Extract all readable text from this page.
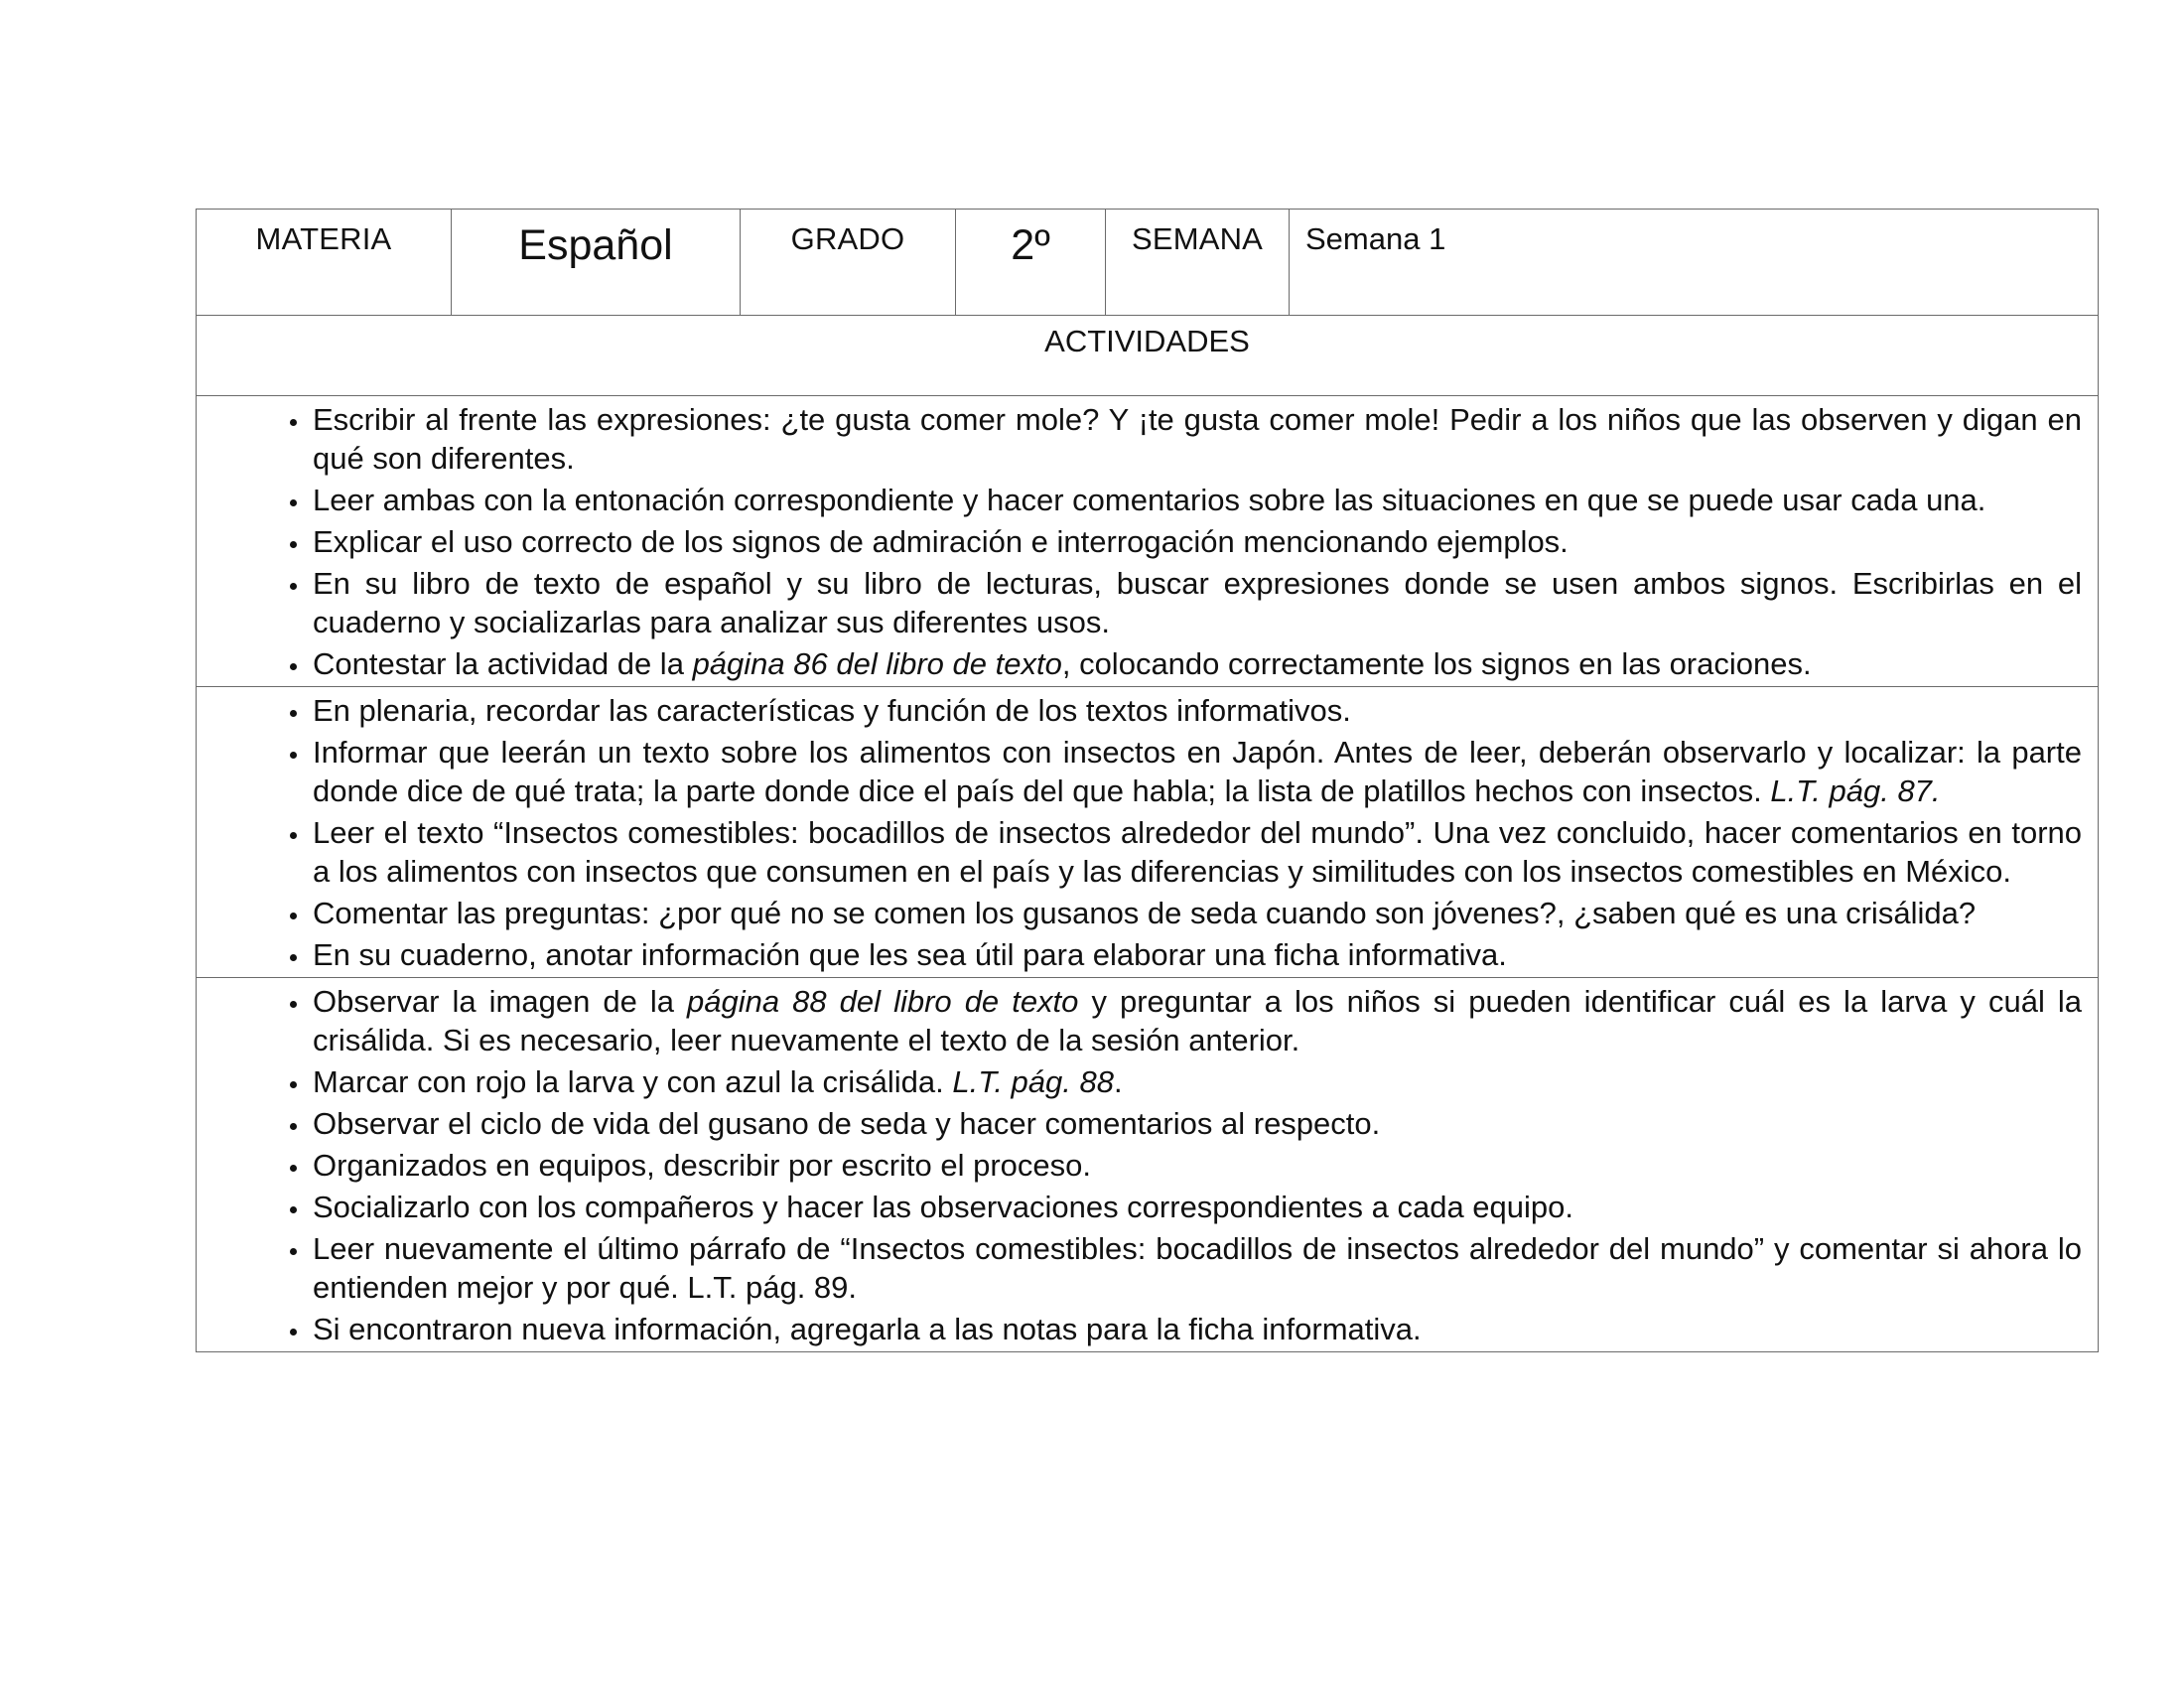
MATERIA	Español	GRADO	2º	SEMANA	Semana 1
ACTIVIDADES

• Escribir al frente las expresiones: ¿te gusta comer mole? Y ¡te gusta comer mole! Pedir a los niños que las observen y digan en qué son diferentes.
• Leer ambas con la entonación correspondiente y hacer comentarios sobre las situaciones en que se puede usar cada una.
• Explicar el uso correcto de los signos de admiración e interrogación mencionando ejemplos.
• En su libro de texto de español y su libro de lecturas, buscar expresiones donde se usen ambos signos. Escribirlas en el cuaderno y socializarlas para analizar sus diferentes usos.
• Contestar la actividad de la página 86 del libro de texto, colocando correctamente los signos en las oraciones.

• En plenaria, recordar las características y función de los textos informativos.
• Informar que leerán un texto sobre los alimentos con insectos en Japón. Antes de leer, deberán observarlo y localizar: la parte donde dice de qué trata; la parte donde dice el país del que habla; la lista de platillos hechos con insectos. L.T. pág. 87.
• Leer el texto “Insectos comestibles: bocadillos de insectos alrededor del mundo”. Una vez concluido, hacer comentarios en torno a los alimentos con insectos que consumen en el país y las diferencias y similitudes con los insectos comestibles en México.
• Comentar las preguntas: ¿por qué no se comen los gusanos de seda cuando son jóvenes?, ¿saben qué es una crisálida?
• En su cuaderno, anotar información que les sea útil para elaborar una ficha informativa.

• Observar la imagen de la página 88 del libro de texto y preguntar a los niños si pueden identificar cuál es la larva y cuál la crisálida. Si es necesario, leer nuevamente el texto de la sesión anterior.
• Marcar con rojo la larva y con azul la crisálida. L.T. pág. 88.
• Observar el ciclo de vida del gusano de seda y hacer comentarios al respecto.
• Organizados en equipos, describir por escrito el proceso.
• Socializarlo con los compañeros y hacer las observaciones correspondientes a cada equipo.
• Leer nuevamente el último párrafo de “Insectos comestibles: bocadillos de insectos alrededor del mundo” y comentar si ahora lo entienden mejor y por qué. L.T. pág. 89.
• Si encontraron nueva información, agregarla a las notas para la ficha informativa.
